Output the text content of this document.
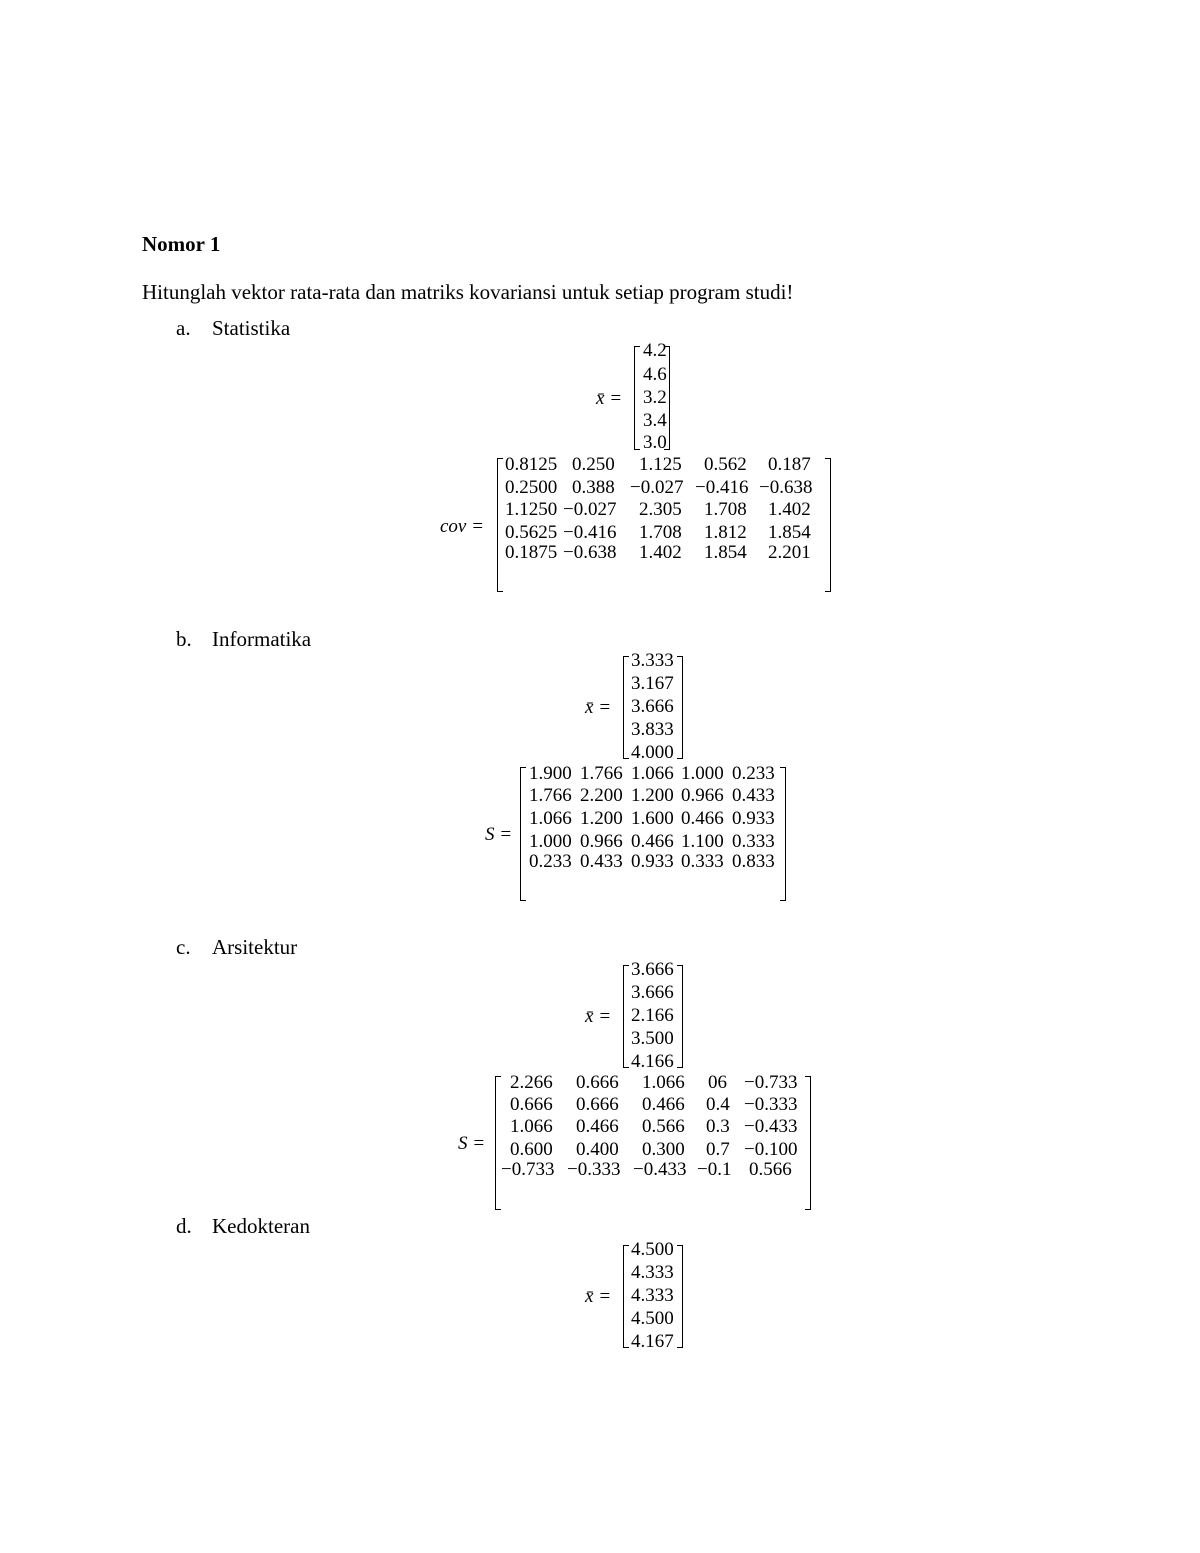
Nomor 1
Hitunglah vektor rata-rata dan matriks kovariansi untuk setiap program studi!
a. Statistika
x̄ =
4.2
4.6
3.2
3.4
3.0
cov =
0.8125 0.250 1.125 0.562 0.187
0.2500 0.388 −0.027 −0.416 −0.638
1.1250 −0.027 2.305 1.708 1.402
0.5625 −0.416 1.708 1.812 1.854
0.1875 −0.638 1.402 1.854 2.201
b. Informatika
x̄ =
3.333
3.167
3.666
3.833
4.000
S =
1.900 1.766 1.066 1.000 0.233
1.766 2.200 1.200 0.966 0.433
1.066 1.200 1.600 0.466 0.933
1.000 0.966 0.466 1.100 0.333
0.233 0.433 0.933 0.333 0.833
c. Arsitektur
x̄ =
3.666
3.666
2.166
3.500
4.166
S =
2.266 0.666 1.066 06 −0.733
0.666 0.666 0.466 0.4 −0.333
1.066 0.466 0.566 0.3 −0.433
0.600 0.400 0.300 0.7 −0.100
−0.733 −0.333 −0.433 −0.1 0.566
d. Kedokteran
x̄ =
4.500
4.333
4.333
4.500
4.167
